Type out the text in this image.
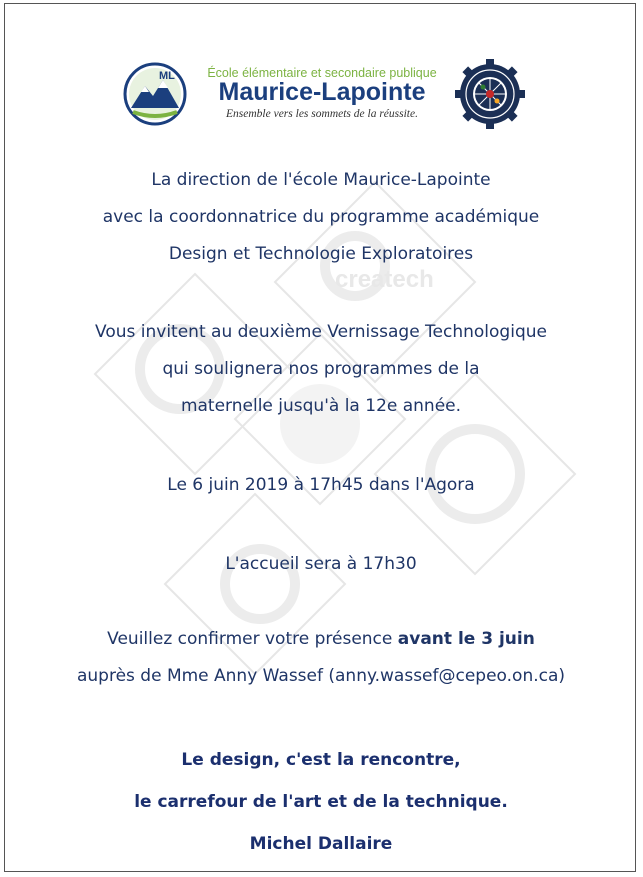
createch
ML	École élémentaire et secondaire publique
Maurice-Lapointe
Ensemble vers les sommets de la réussite.

La direction de l'école Maurice-Lapointe

avec la coordonnatrice du programme académique

Design et Technologie Exploratoires

Vous invitent au deuxième Vernissage Technologique

qui soulignera nos programmes de la

maternelle jusqu'à la 12e année.

Le 6 juin 2019 à 17h45 dans l'Agora

L'accueil sera à 17h30

Veuillez confirmer votre présence avant le 3 juin

auprès de Mme Anny Wassef (anny.wassef@cepeo.on.ca)

Le design, c'est la rencontre,

le carrefour de l'art et de la technique.

Michel Dallaire
